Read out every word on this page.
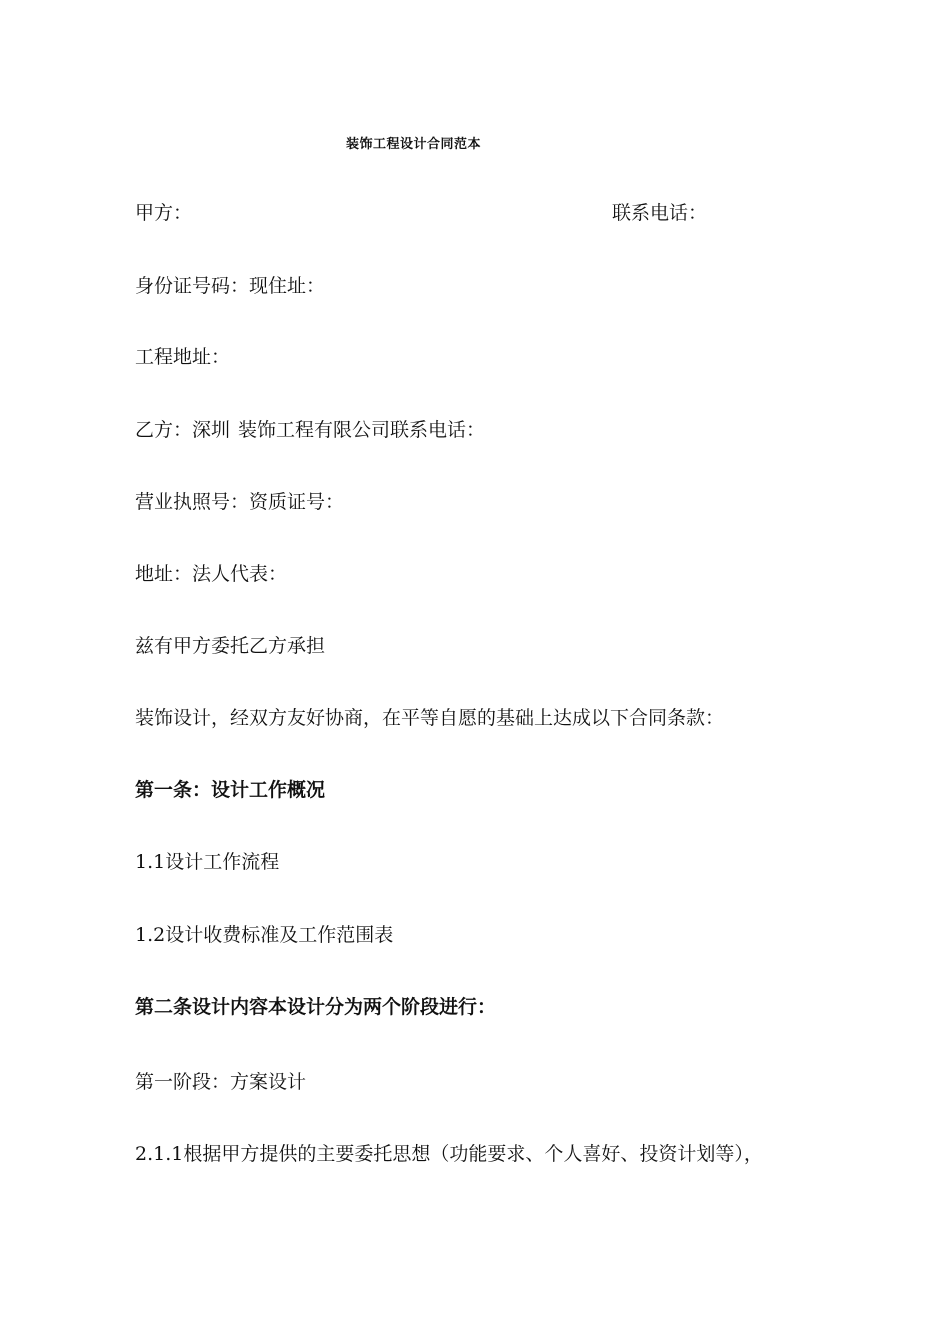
装饰工程设计合同范本
甲方：	联系电话：
身份证号码：现住址：
工程地址：
乙方：深圳 装饰工程有限公司联系电话：
营业执照号：资质证号：
地址：法人代表：
兹有甲方委托乙方承担
装饰设计，经双方友好协商，在平等自愿的基础上达成以下合同条款：
第一条：设计工作概况
1.1设计工作流程
1.2设计收费标准及工作范围表
第二条设计内容本设计分为两个阶段进行：
第一阶段：方案设计
2.1.1根据甲方提供的主要委托思想（功能要求、个人喜好、投资计划等），
